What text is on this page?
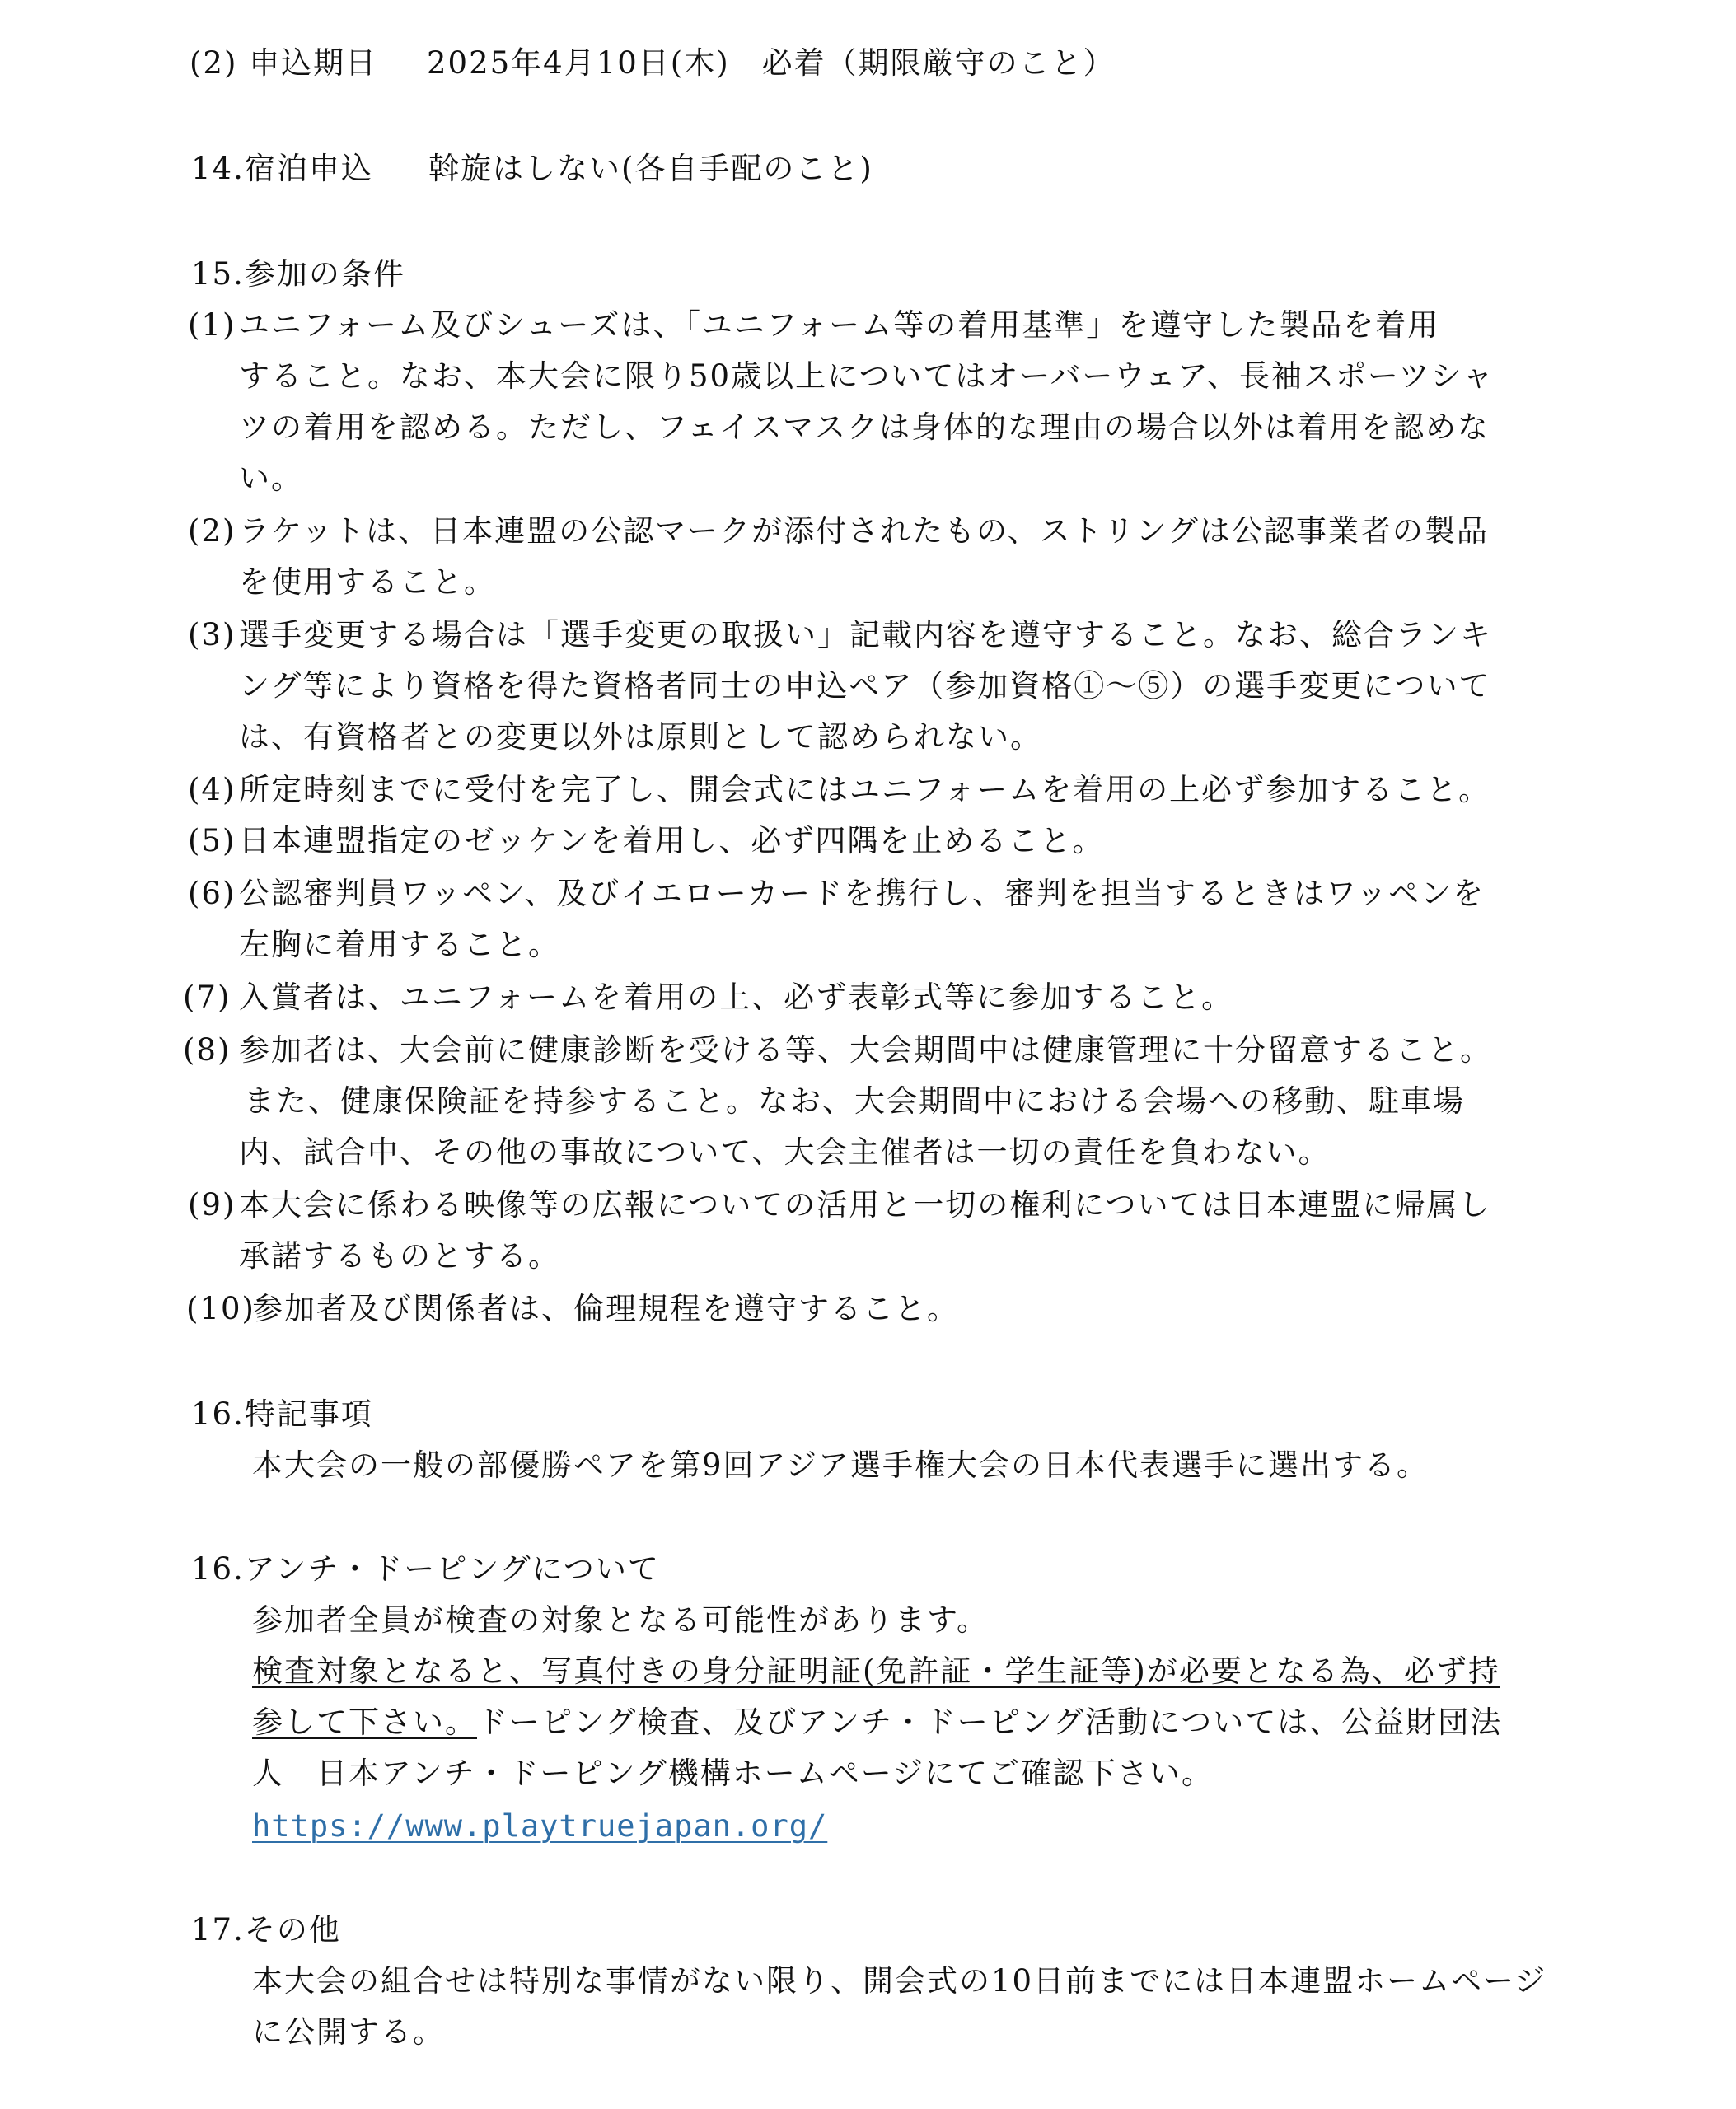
(2) 申込期日 2025年4月10日(木)　必着（期限厳守のこと）
14.宿泊申込 斡旋はしない(各自手配のこと)
15.参加の条件
(1) ユニフォーム及びシューズは、「ユニフォーム等の着用基準」を遵守した製品を着用
すること。なお、本大会に限り50歳以上についてはオーバーウェア、長袖スポーツシャ
ツの着用を認める。ただし、フェイスマスクは身体的な理由の場合以外は着用を認めな
い。
(2) ラケットは、日本連盟の公認マークが添付されたもの、ストリングは公認事業者の製品
を使用すること。
(3) 選手変更する場合は「選手変更の取扱い」記載内容を遵守すること。なお、総合ランキ
ング等により資格を得た資格者同士の申込ペア（参加資格①～⑤）の選手変更について
は、有資格者との変更以外は原則として認められない。
(4) 所定時刻までに受付を完了し、開会式にはユニフォームを着用の上必ず参加すること。
(5) 日本連盟指定のゼッケンを着用し、必ず四隅を止めること。
(6) 公認審判員ワッペン、及びイエローカードを携行し、審判を担当するときはワッペンを
左胸に着用すること。
(7) 入賞者は、ユニフォームを着用の上、必ず表彰式等に参加すること。
(8) 参加者は、大会前に健康診断を受ける等、大会期間中は健康管理に十分留意すること。
また、健康保険証を持参すること。なお、大会期間中における会場への移動、駐車場
内、試合中、その他の事故について、大会主催者は一切の責任を負わない。
(9) 本大会に係わる映像等の広報についての活用と一切の権利については日本連盟に帰属し
承諾するものとする。
(10)
参加者及び関係者は、倫理規程を遵守すること。
16.特記事項
本大会の一般の部優勝ペアを第9回アジア選手権大会の日本代表選手に選出する。
16.アンチ・ドーピングについて
参加者全員が検査の対象となる可能性があります。
検査対象となると、写真付きの身分証明証(免許証・学生証等)が必要となる為、必ず持
参して下さい。ドーピング検査、及びアンチ・ドーピング活動については、公益財団法
人　日本アンチ・ドーピング機構ホームページにてご確認下さい。
https://www.playtruejapan.org/
17.その他
本大会の組合せは特別な事情がない限り、開会式の10日前までには日本連盟ホームページ
に公開する。
